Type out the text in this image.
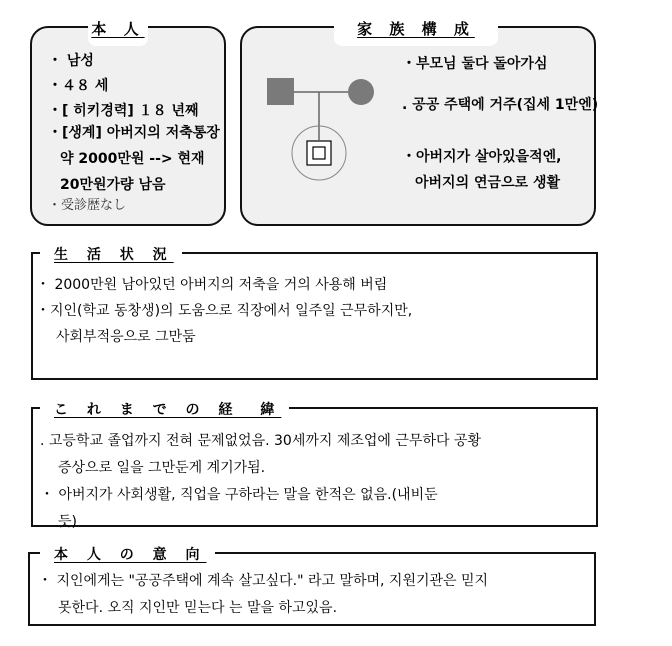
本 人
・ 남성
・４８ 세
・[ 히키경력] １８ 년째
・[생계] 아버지의 저축통장
약 2000만원 --> 현재
20만원가량 남음
・受診歴なし
家 族 構 成
・부모님 둘다 돌아가심
. 공공 주택에 거주(집세 1만엔)
・아버지가 살아있을적엔,
아버지의 연금으로 생활
生 活 状 況
・ 2000만원 남아있던 아버지의 저축을 거의 사용해 버림
・지인(학교 동창생)의 도움으로 직장에서 일주일 근무하지만,
사회부적응으로 그만둠
こ れ ま で の 経　緯
. 고등학교 졸업까지 전혀 문제없었음. 30세까지 제조업에 근무하다 공황
증상으로 일을 그만둔게 계기가됨.
・ 아버지가 사회생활, 직업을 구하라는 말을 한적은 없음.(내비둔
듯)
本 人 の 意 向
・ 지인에게는 "공공주택에 계속 살고싶다." 라고 말하며, 지원기관은 믿지
못한다. 오직 지인만 믿는다 는 말을 하고있음.
